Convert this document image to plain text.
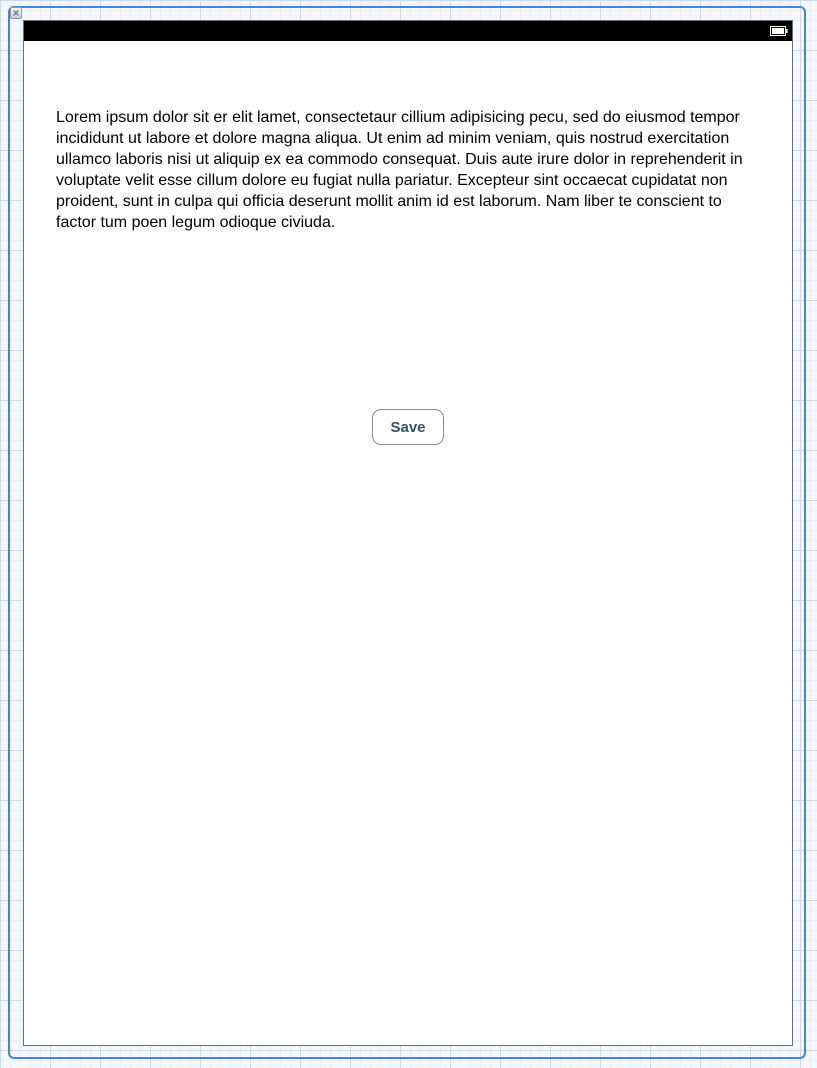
Lorem ipsum dolor sit er elit lamet, consectetaur cillium adipisicing pecu, sed do eiusmod tempor incididunt ut labore et dolore magna aliqua. Ut enim ad minim veniam, quis nostrud exercitation ullamco laboris nisi ut aliquip ex ea commodo consequat. Duis aute irure dolor in reprehenderit in voluptate velit esse cillum dolore eu fugiat nulla pariatur. Excepteur sint occaecat cupidatat non proident, sunt in culpa qui officia deserunt mollit anim id est laborum. Nam liber te conscient to factor tum poen legum odioque civiuda.

Save
